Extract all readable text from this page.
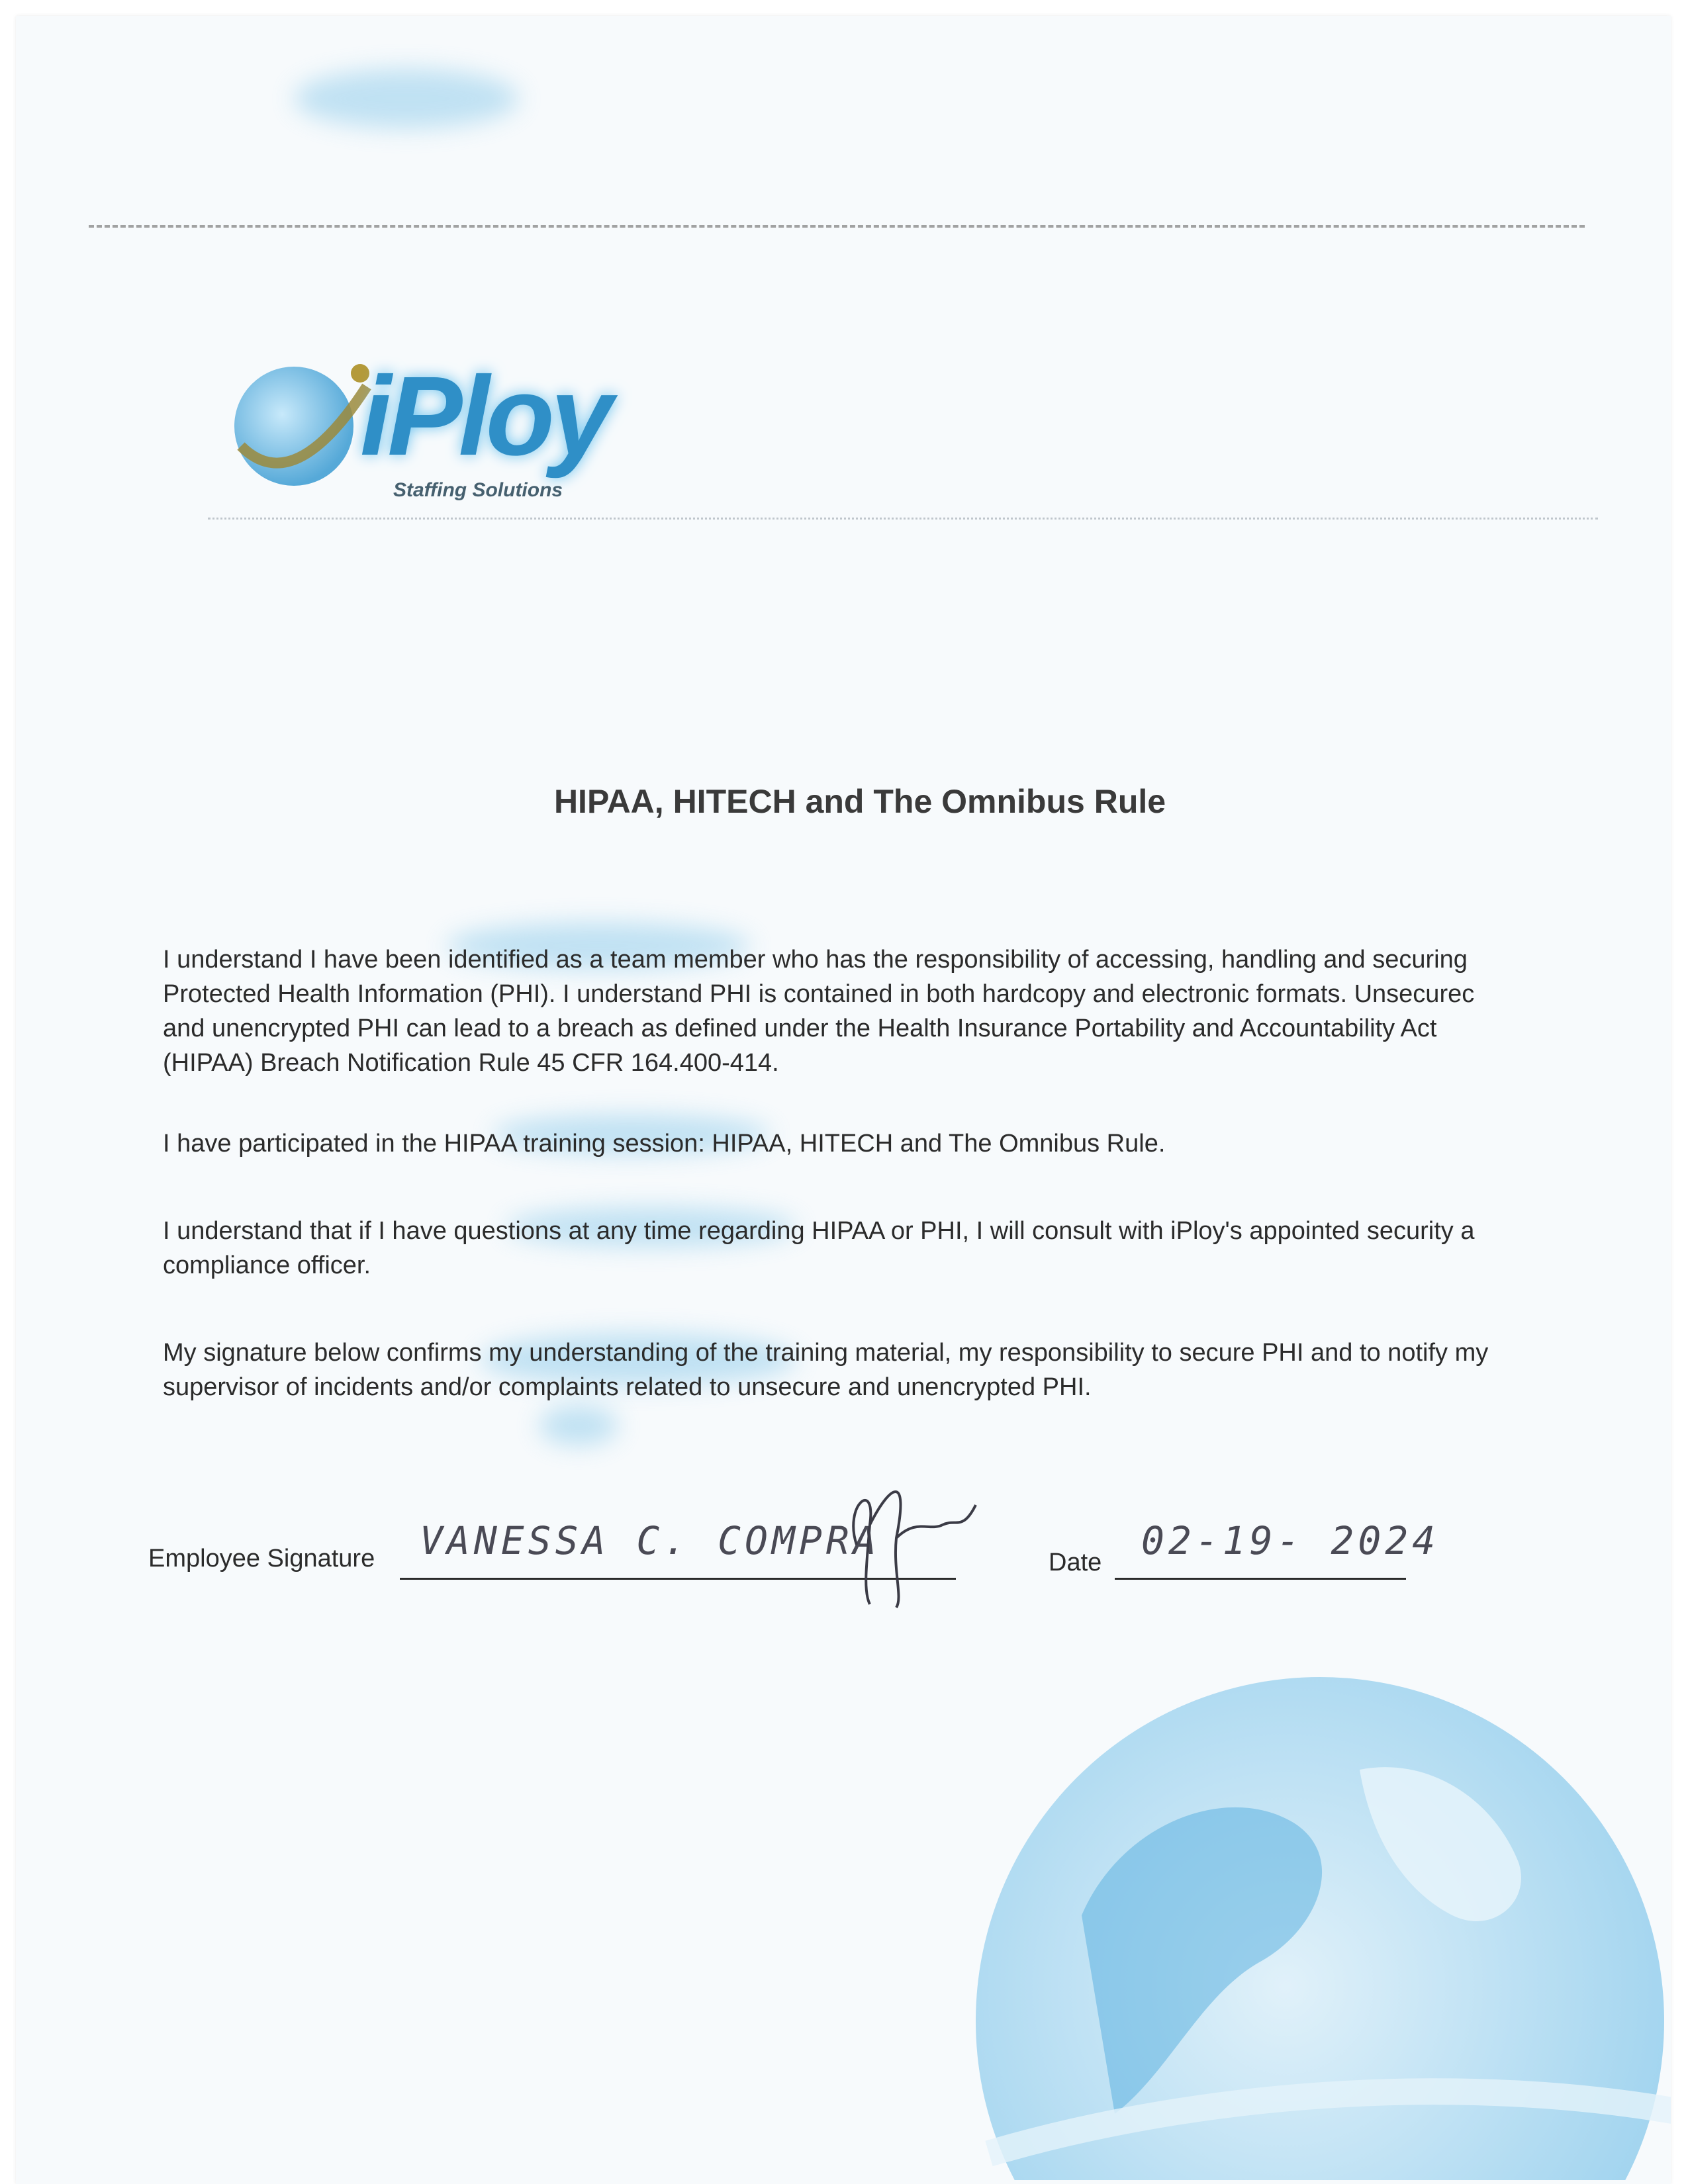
iPloy
Staffing Solutions
HIPAA, HITECH and The Omnibus Rule
I understand I have been identified as a team member who has the responsibility of accessing, handling and securing
Protected Health Information (PHI). I understand PHI is contained in both hardcopy and electronic formats. Unsecurec
and unencrypted PHI can lead to a breach as defined under the Health Insurance Portability and Accountability Act
(HIPAA) Breach Notification Rule 45 CFR 164.400-414.
I have participated in the HIPAA training session: HIPAA, HITECH and The Omnibus Rule.
I understand that if I have questions at any time regarding HIPAA or PHI, I will consult with iPloy's appointed security a
compliance officer.
My signature below confirms my understanding of the training material, my responsibility to secure PHI and to notify my
supervisor of incidents and/or complaints related to unsecure and unencrypted PHI.
Employee Signature VANESSA C. COMPRA	Date 02-19- 2024
